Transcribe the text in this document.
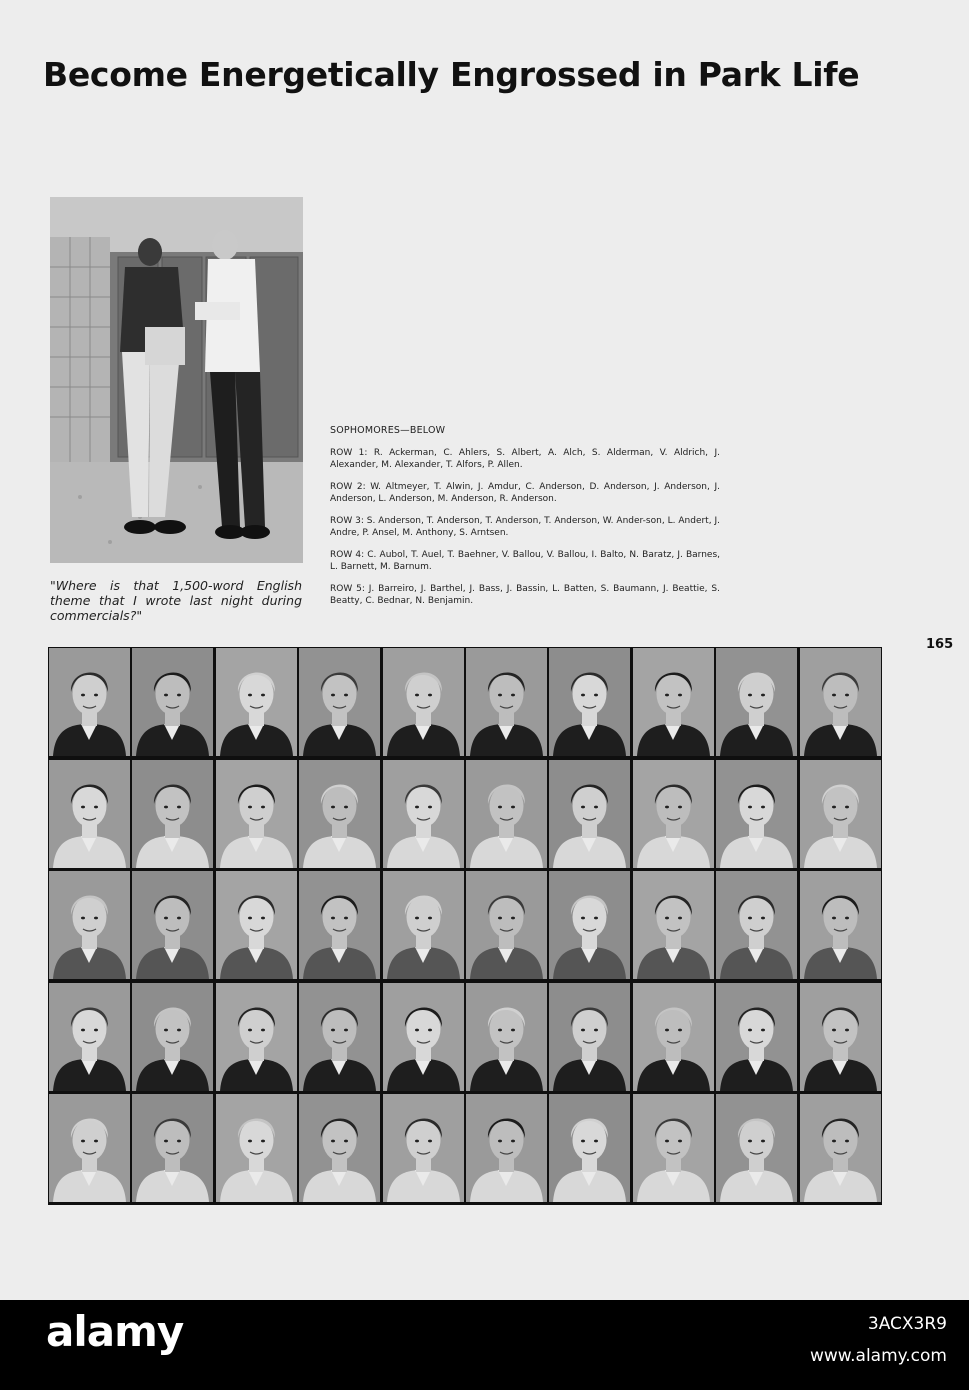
Become Energetically Engrossed in Park Life

"Where is that 1,500-word English theme that I wrote last night during commercials?"

SOPHOMORES—BELOW

ROW 1: R. Ackerman, C. Ahlers, S. Albert, A. Alch, S. Alderman, V. Aldrich, J. Alexander, M. Alexander, T. Alfors, P. Allen.

ROW 2: W. Altmeyer, T. Alwin, J. Amdur, C. Anderson, D. Anderson, J. Anderson, J. Anderson, L. Anderson, M. Anderson, R. Anderson.

ROW 3: S. Anderson, T. Anderson, T. Anderson, T. Anderson, W. Ander-son, L. Andert, J. Andre, P. Ansel, M. Anthony, S. Arntsen.

ROW 4: C. Aubol, T. Auel, T. Baehner, V. Ballou, V. Ballou, I. Balto, N. Baratz, J. Barnes, L. Barnett, M. Barnum.

ROW 5: J. Barreiro, J. Barthel, J. Bass, J. Bassin, L. Batten, S. Baumann, J. Beattie, S. Beatty, C. Bednar, N. Benjamin.

165
alamy	3ACX3R9
www.alamy.com
